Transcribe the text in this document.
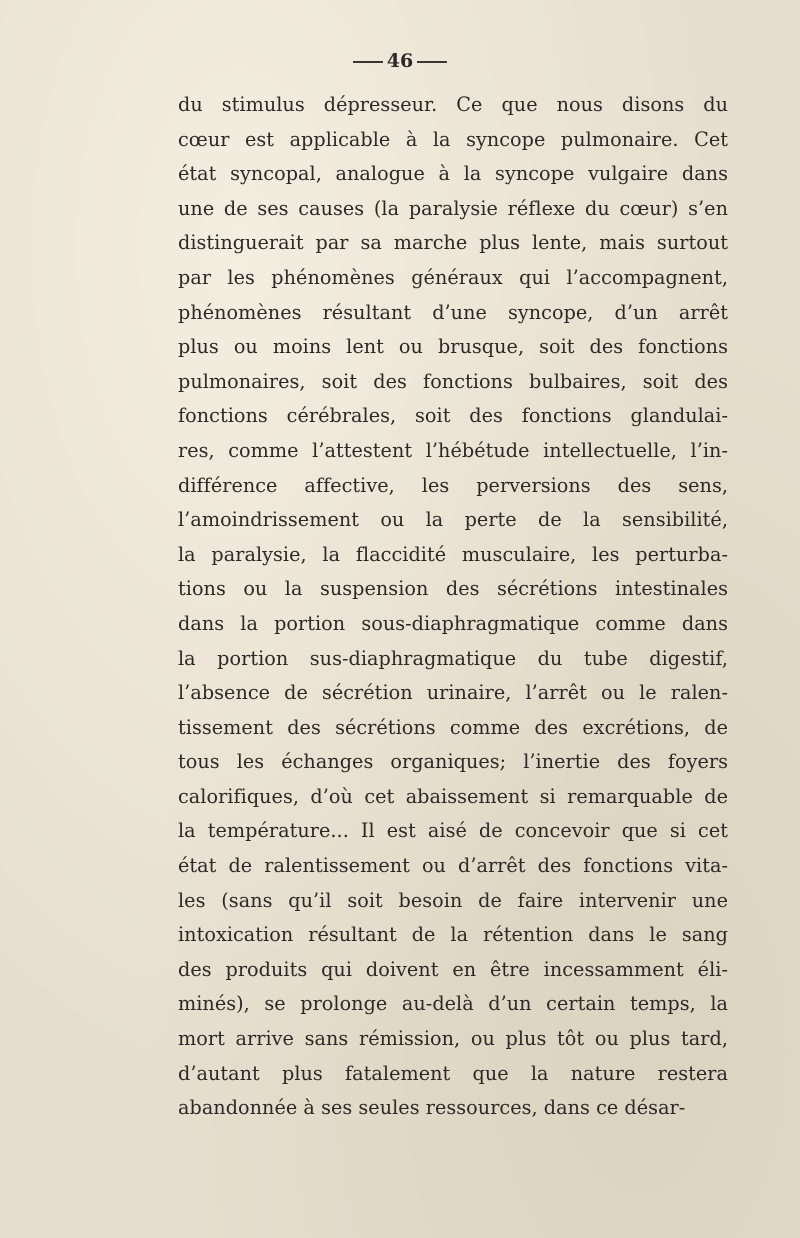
46
du stimulus dépresseur. Ce que nous disons du
cœur est applicable à la syncope pulmonaire. Cet
état syncopal, analogue à la syncope vulgaire dans
une de ses causes (la paralysie réflexe du cœur) s’en
distinguerait par sa marche plus lente, mais surtout
par les phénomènes généraux qui l’accompagnent,
phénomènes résultant d’une syncope, d’un arrêt
plus ou moins lent ou brusque, soit des fonctions
pulmonaires, soit des fonctions bulbaires, soit des
fonctions cérébrales, soit des fonctions glandulai-
res, comme l’attestent l’hébétude intellectuelle, l’in-
différence affective, les perversions des sens,
l’amoindrissement ou la perte de la sensibilité,
la paralysie, la flaccidité musculaire, les perturba-
tions ou la suspension des sécrétions intestinales
dans la portion sous-diaphragmatique comme dans
la portion sus-diaphragmatique du tube digestif,
l’absence de sécrétion urinaire, l’arrêt ou le ralen-
tissement des sécrétions comme des excrétions, de
tous les échanges organiques; l’inertie des foyers
calorifiques, d’où cet abaissement si remarquable de
la température... Il est aisé de concevoir que si cet
état de ralentissement ou d’arrêt des fonctions vita-
les (sans qu’il soit besoin de faire intervenir une
intoxication résultant de la rétention dans le sang
des produits qui doivent en être incessamment éli-
minés), se prolonge au-delà d’un certain temps, la
mort arrive sans rémission, ou plus tôt ou plus tard,
d’autant plus fatalement que la nature restera
abandonnée à ses seules ressources, dans ce désar-
